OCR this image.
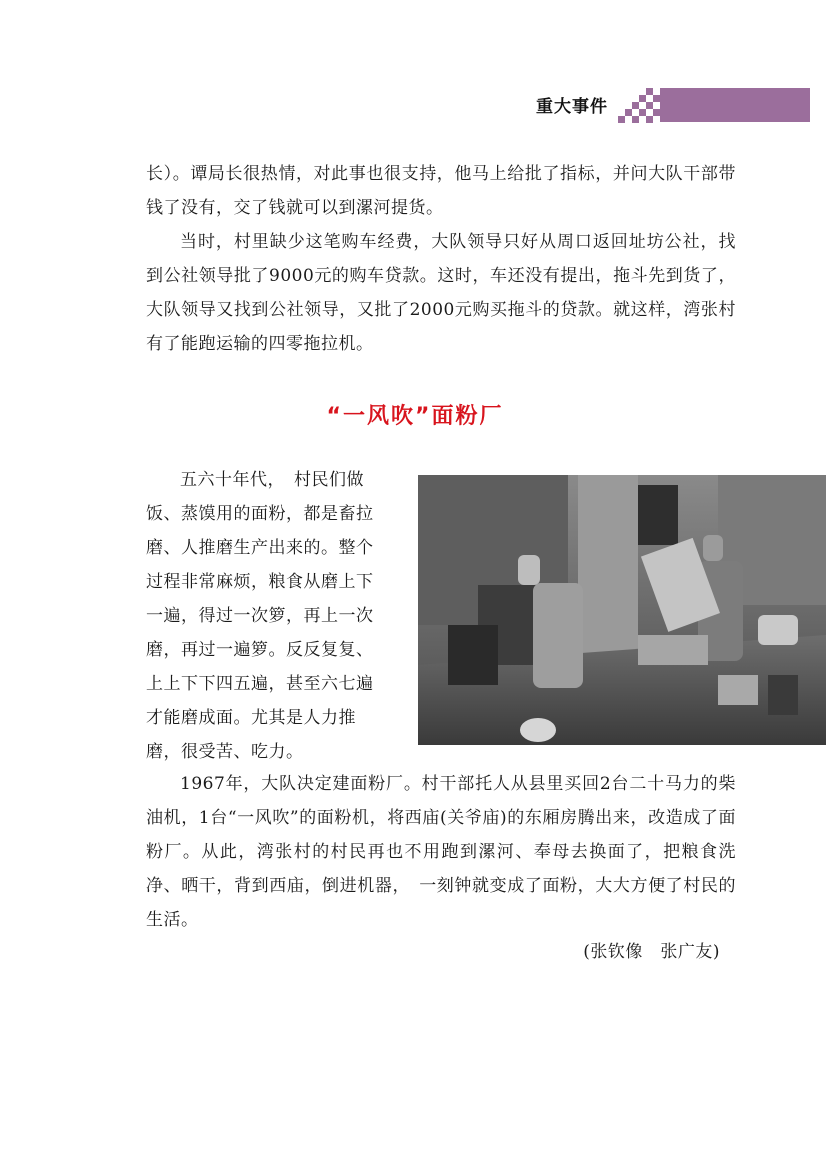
重大事件

长）。谭局长很热情，对此事也很支持，他马上给批了指标，并问大队干部带钱了没有，交了钱就可以到漯河提货。

当时，村里缺少这笔购车经费，大队领导只好从周口返回址坊公社，找到公社领导批了9000元的购车贷款。这时，车还没有提出，拖斗先到货了，大队领导又找到公社领导，又批了2000元购买拖斗的贷款。就这样，湾张村有了能跑运输的四零拖拉机。

“一风吹”面粉厂

五六十年代，　村民们做饭、蒸馍用的面粉，都是畜拉磨、人推磨生产出来的。整个过程非常麻烦，粮食从磨上下一遍，得过一次箩，再上一次磨，再过一遍箩。反反复复、上上下下四五遍，甚至六七遍才能磨成面。尤其是人力推磨，很受苦、吃力。

1967年，大队决定建面粉厂。村干部托人从县里买回2台二十马力的柴油机，1台“一风吹”的面粉机，将西庙(关爷庙)的东厢房腾出来，改造成了面粉厂。从此，湾张村的村民再也不用跑到漯河、奉母去换面了，把粮食洗净、晒干，背到西庙，倒进机器，　一刻钟就变成了面粉，大大方便了村民的生活。

(张钦像　张广友)
